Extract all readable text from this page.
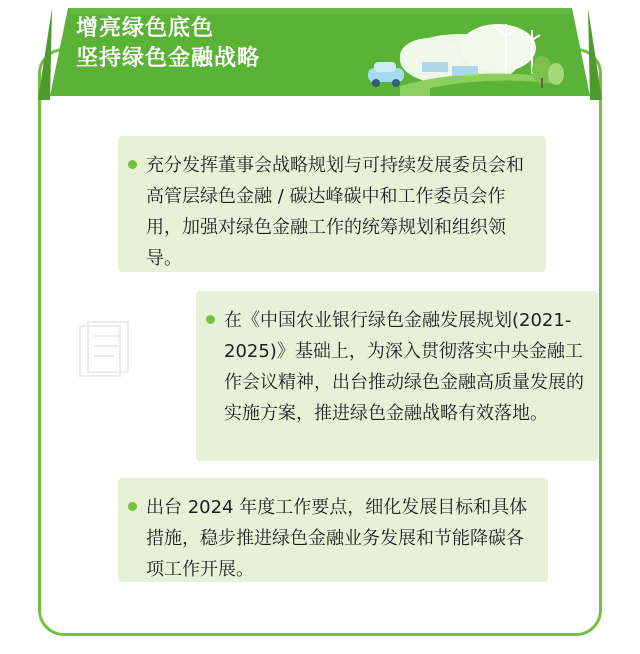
增亮绿色底色
坚持绿色金融战略
充分发挥董事会战略规划与可持续发展委员会和高管层绿色金融 / 碳达峰碳中和工作委员会作用，加强对绿色金融工作的统筹规划和组织领导。
在《中国农业银行绿色金融发展规划(2021-2025)》基础上，为深入贯彻落实中央金融工作会议精神，出台推动绿色金融高质量发展的实施方案，推进绿色金融战略有效落地。
出台 2024 年度工作要点，细化发展目标和具体措施，稳步推进绿色金融业务发展和节能降碳各项工作开展。
